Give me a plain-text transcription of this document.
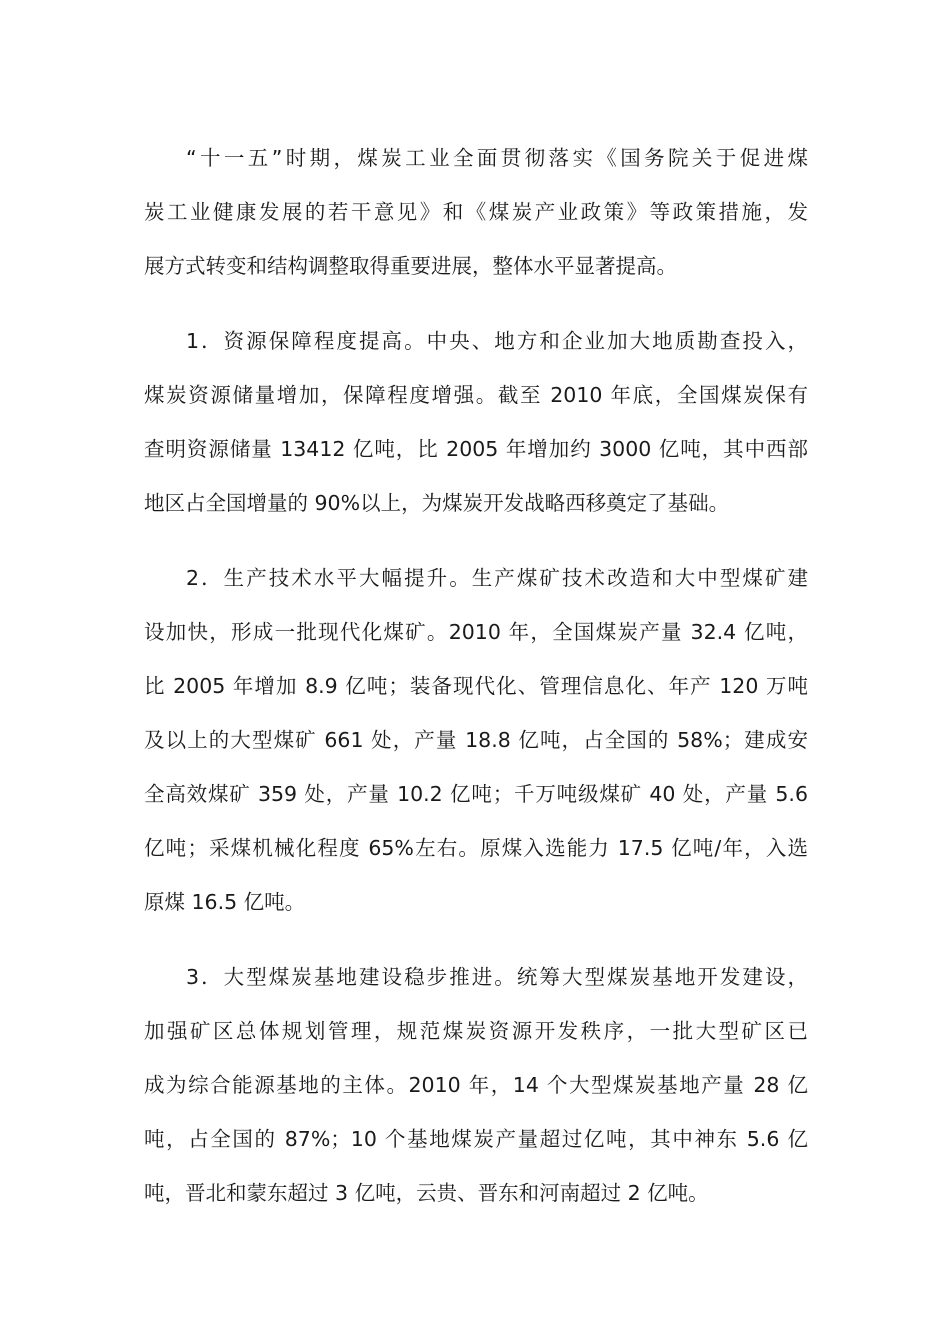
“十一五”时期，煤炭工业全面贯彻落实《国务院关于促进煤
炭工业健康发展的若干意见》和《煤炭产业政策》等政策措施，发
展方式转变和结构调整取得重要进展，整体水平显著提高。

1．资源保障程度提高。中央、地方和企业加大地质勘查投入，
煤炭资源储量增加，保障程度增强。截至 2010 年底，全国煤炭保有
查明资源储量 13412 亿吨，比 2005 年增加约 3000 亿吨，其中西部
地区占全国增量的 90%以上，为煤炭开发战略西移奠定了基础。

2．生产技术水平大幅提升。生产煤矿技术改造和大中型煤矿建
设加快，形成一批现代化煤矿。2010 年，全国煤炭产量 32.4 亿吨，
比 2005 年增加 8.9 亿吨；装备现代化、管理信息化、年产 120 万吨
及以上的大型煤矿 661 处，产量 18.8 亿吨，占全国的 58%；建成安
全高效煤矿 359 处，产量 10.2 亿吨；千万吨级煤矿 40 处，产量 5.6
亿吨；采煤机械化程度 65%左右。原煤入选能力 17.5 亿吨/年，入选
原煤 16.5 亿吨。

3．大型煤炭基地建设稳步推进。统筹大型煤炭基地开发建设，
加强矿区总体规划管理，规范煤炭资源开发秩序，一批大型矿区已
成为综合能源基地的主体。2010 年，14 个大型煤炭基地产量 28 亿
吨，占全国的 87%；10 个基地煤炭产量超过亿吨，其中神东 5.6 亿
吨，晋北和蒙东超过 3 亿吨，云贵、晋东和河南超过 2 亿吨。
